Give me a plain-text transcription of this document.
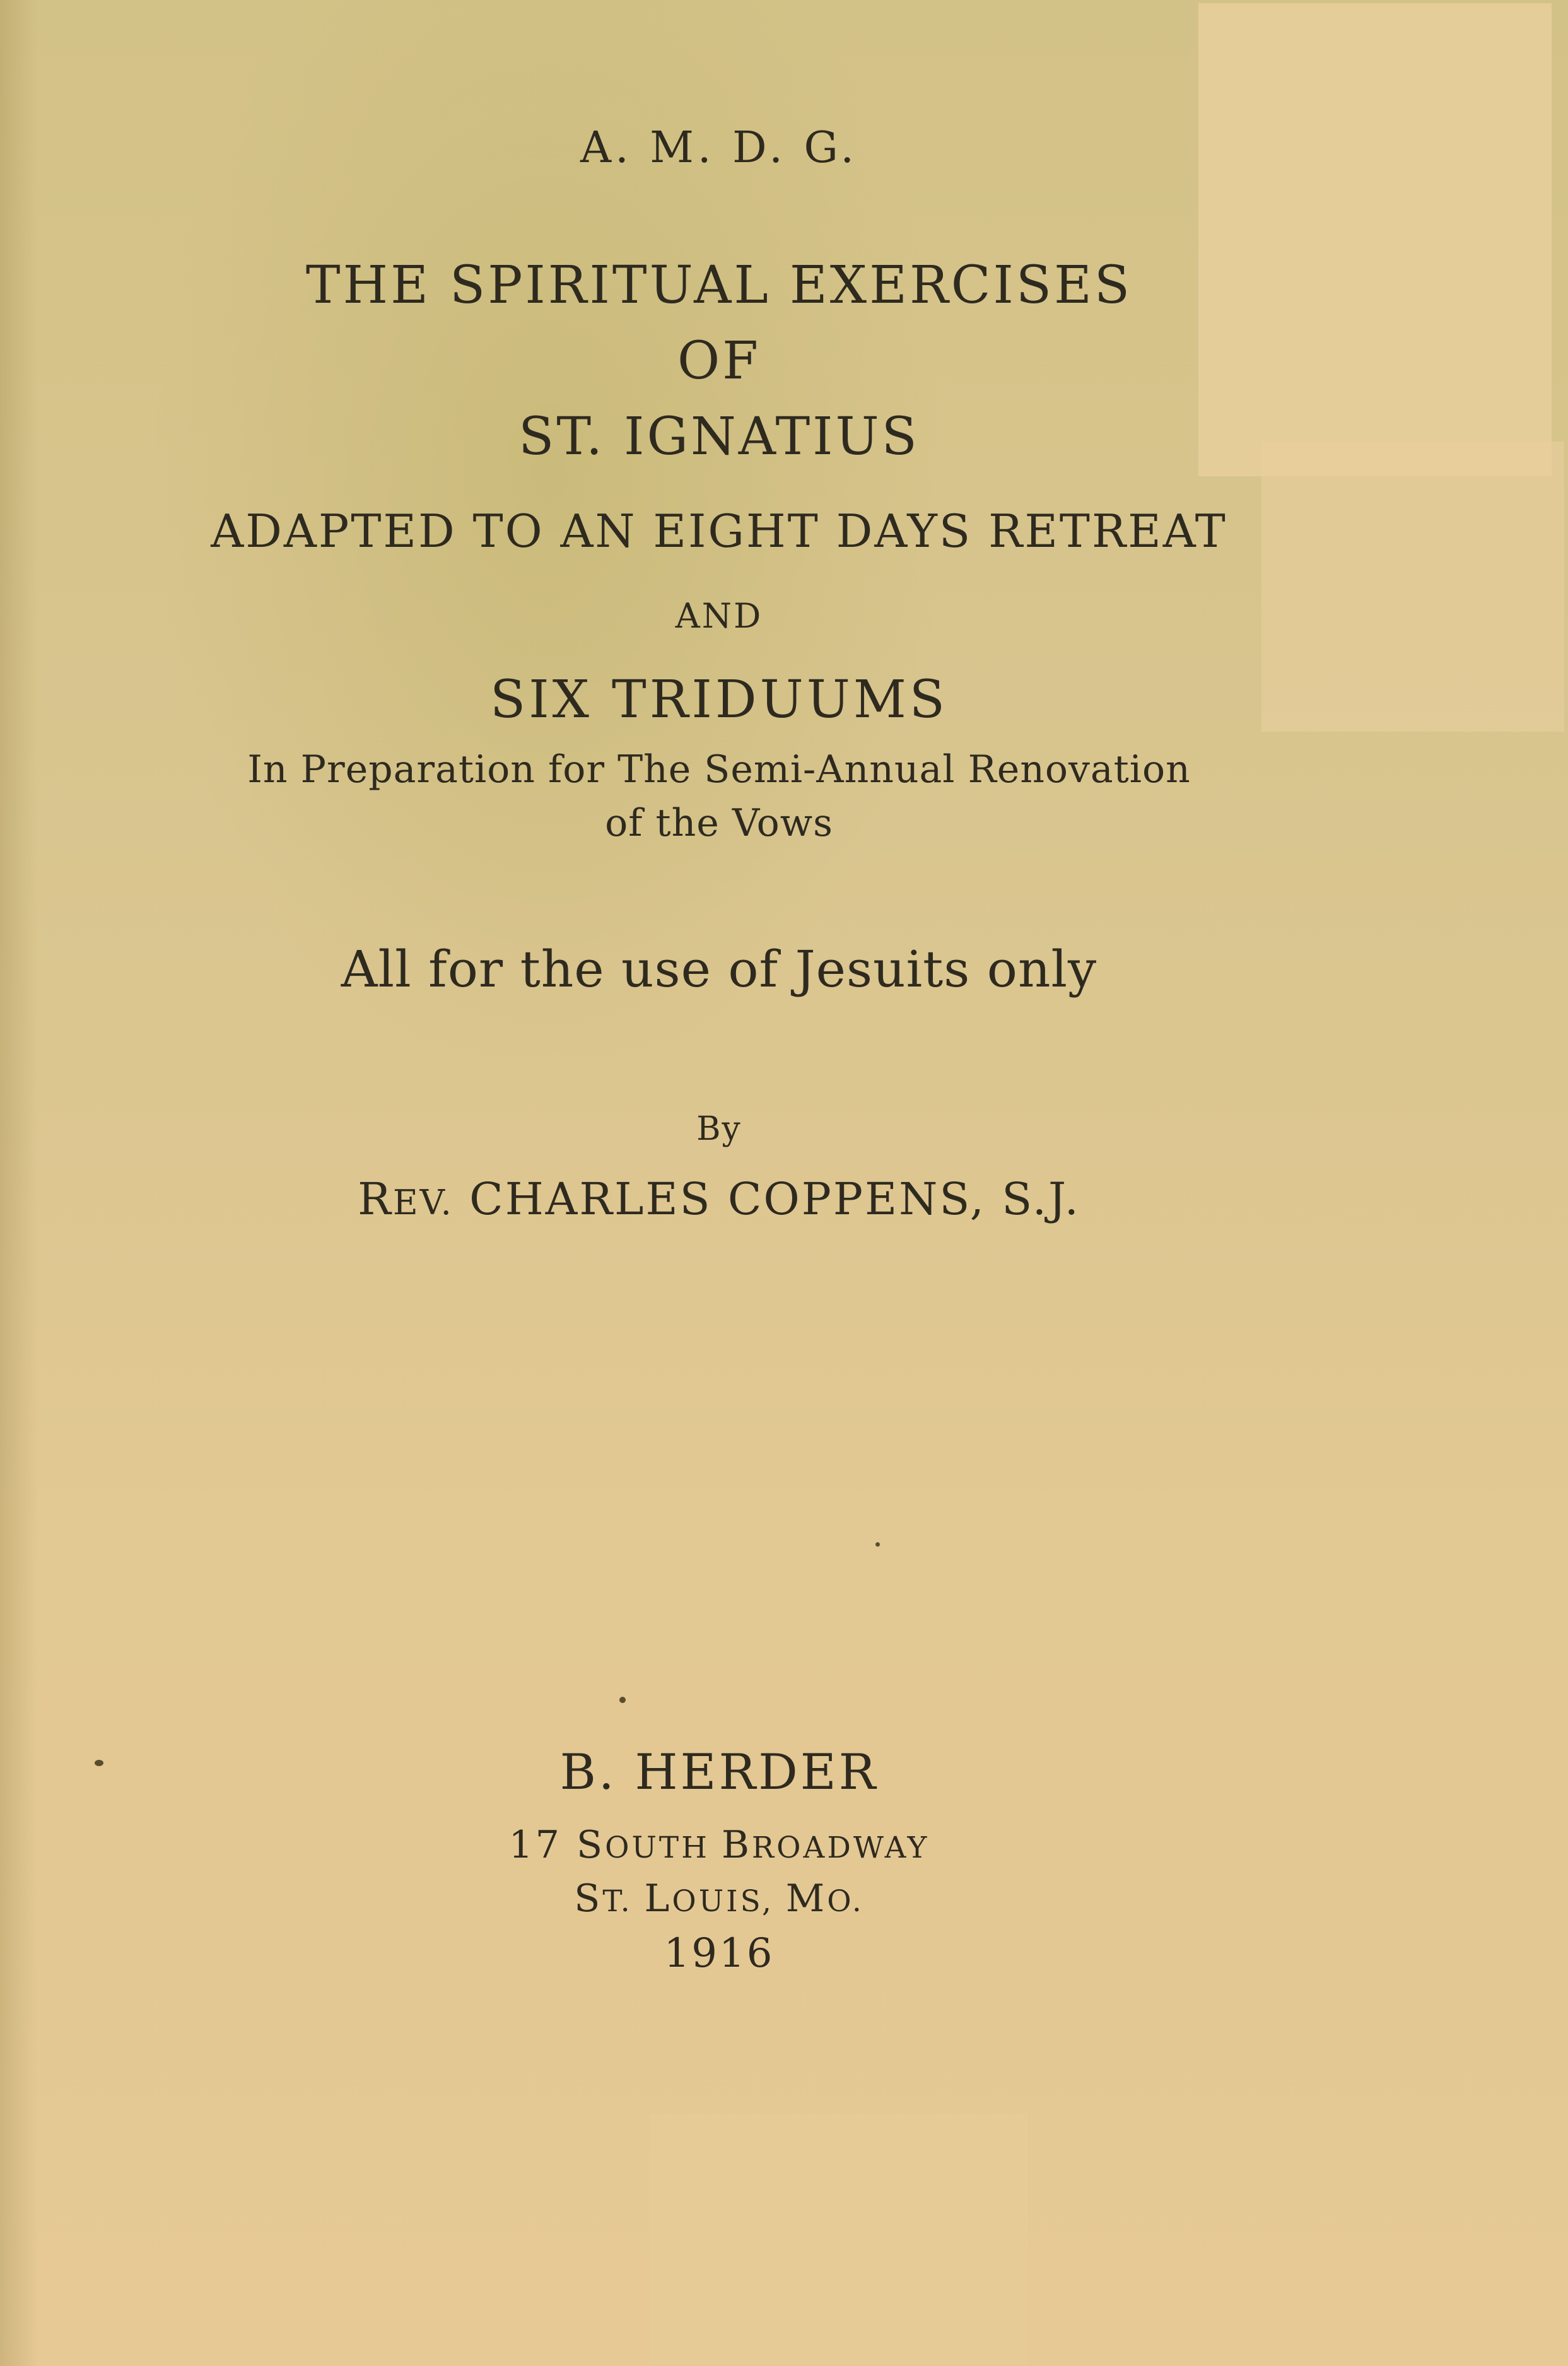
A. M. D. G.
THE SPIRITUAL EXERCISES
OF
ST. IGNATIUS
ADAPTED TO AN EIGHT DAYS RETREAT
AND
SIX TRIDUUMS
In Preparation for The Semi-Annual Renovation
of the Vows
All for the use of Jesuits only
By
REV. CHARLES COPPENS, S.J.
B. HERDER
17 SOUTH BROADWAY
ST. LOUIS, MO.
1916
